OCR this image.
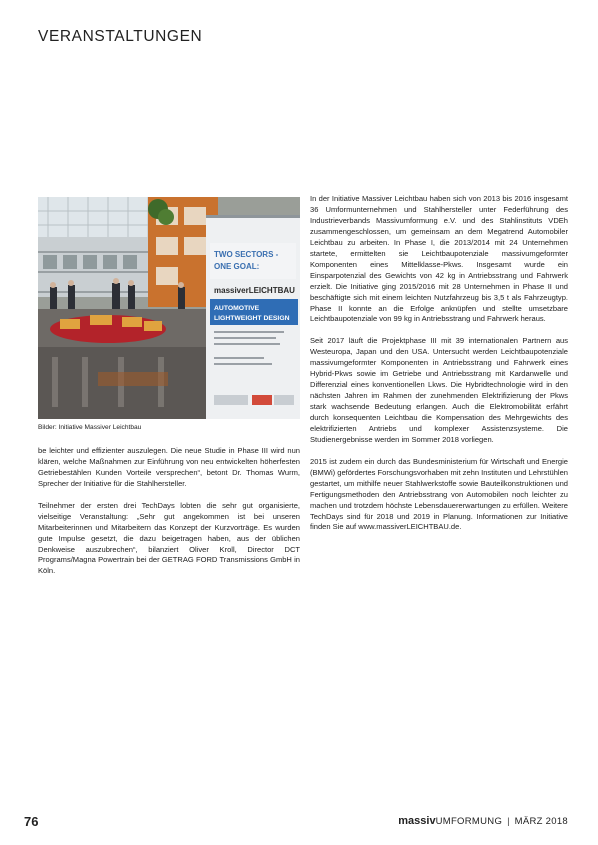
VERANSTALTUNGEN
TWO SECTORS -
ONE GOAL:
massiverLEICHTBAU
AUTOMOTIVE
LIGHTWEIGHT DESIGN
Bilder: Initiative Massiver Leichtbau

be leichter und effizienter auszulegen. Die neue Studie in Phase III wird nun klären, welche Maßnahmen zur Einführung von neu entwickelten höherfesten Getriebestählen Kunden Vorteile versprechen“, betont Dr. Thomas Wurm, Sprecher der Initiative für die Stahlhersteller.

Teilnehmer der ersten drei TechDays lobten die sehr gut organisierte, vielseitige Veranstaltung: „Sehr gut angekommen ist bei unseren Mitarbeiterinnen und Mitarbeitern das Konzept der Kurzvorträge. Es wurden gute Impulse gesetzt, die dazu beigetragen haben, aus der üblichen Denkweise auszubrechen“, bilanziert Oliver Kroll, Director DCT Programs/Magna Powertrain bei der GETRAG FORD Transmissions GmbH in Köln.

In der Initiative Massiver Leichtbau haben sich von 2013 bis 2016 insgesamt 36 Umformunternehmen und Stahlhersteller unter Federführung des Industrieverbands Massivumformung e.V. und des Stahlinstituts VDEh zusammengeschlossen, um gemeinsam an dem Megatrend Automobiler Leichtbau zu arbeiten. In Phase I, die 2013/2014 mit 24 Unternehmen startete, ermittelten sie Leichtbaupotenziale massivumgeformter Komponenten eines Mittelklasse-Pkws. Insgesamt wurde ein Einsparpotenzial des Gewichts von 42 kg in Antriebsstrang und Fahrwerk erzielt. Die Initiative ging 2015/2016 mit 28 Unternehmen in Phase II und beschäftigte sich mit einem leichten Nutzfahrzeug bis 3,5 t als Fahrzeugtyp. Phase II konnte an die Erfolge anknüpfen und stellte umsetzbare Leichtbaupotenziale von 99 kg in Antriebsstrang und Fahrwerk heraus.

Seit 2017 läuft die Projektphase III mit 39 internationalen Partnern aus Westeuropa, Japan und den USA. Untersucht werden Leichtbaupotenziale massivumgeformter Komponenten in Antriebsstrang und Fahrwerk eines Hybrid-Pkws sowie im Getriebe und Antriebsstrang mit Kardanwelle und Differenzial eines konventionellen Lkws. Die Hybridtechnologie wird in den nächsten Jahren im Rahmen der zunehmenden Elektrifizierung der Pkws stark wachsende Bedeutung erlangen. Auch die Elektromobilität erfährt durch konsequenten Leichtbau die Kompensation des Mehrgewichts des elektrifizierten Antriebs und komplexer Assistenzsysteme. Die Studienergebnisse werden im Sommer 2018 vorliegen.

2015 ist zudem ein durch das Bundesministerium für Wirtschaft und Energie (BMWi) gefördertes Forschungsvorhaben mit zehn Instituten und Lehrstühlen gestartet, um mithilfe neuer Stahlwerkstoffe sowie Bauteilkonstruktionen und Fertigungsmethoden den Antriebsstrang von Automobilen noch leichter zu machen und trotzdem höchste Lebensdauererwartungen zu erfüllen. Weitere TechDays sind für 2018 und 2019 in Planung. Informationen zur Initiative finden Sie auf www.massiverLEICHTBAU.de.

76	massiv UMFORMUNG | MÄRZ 2018
